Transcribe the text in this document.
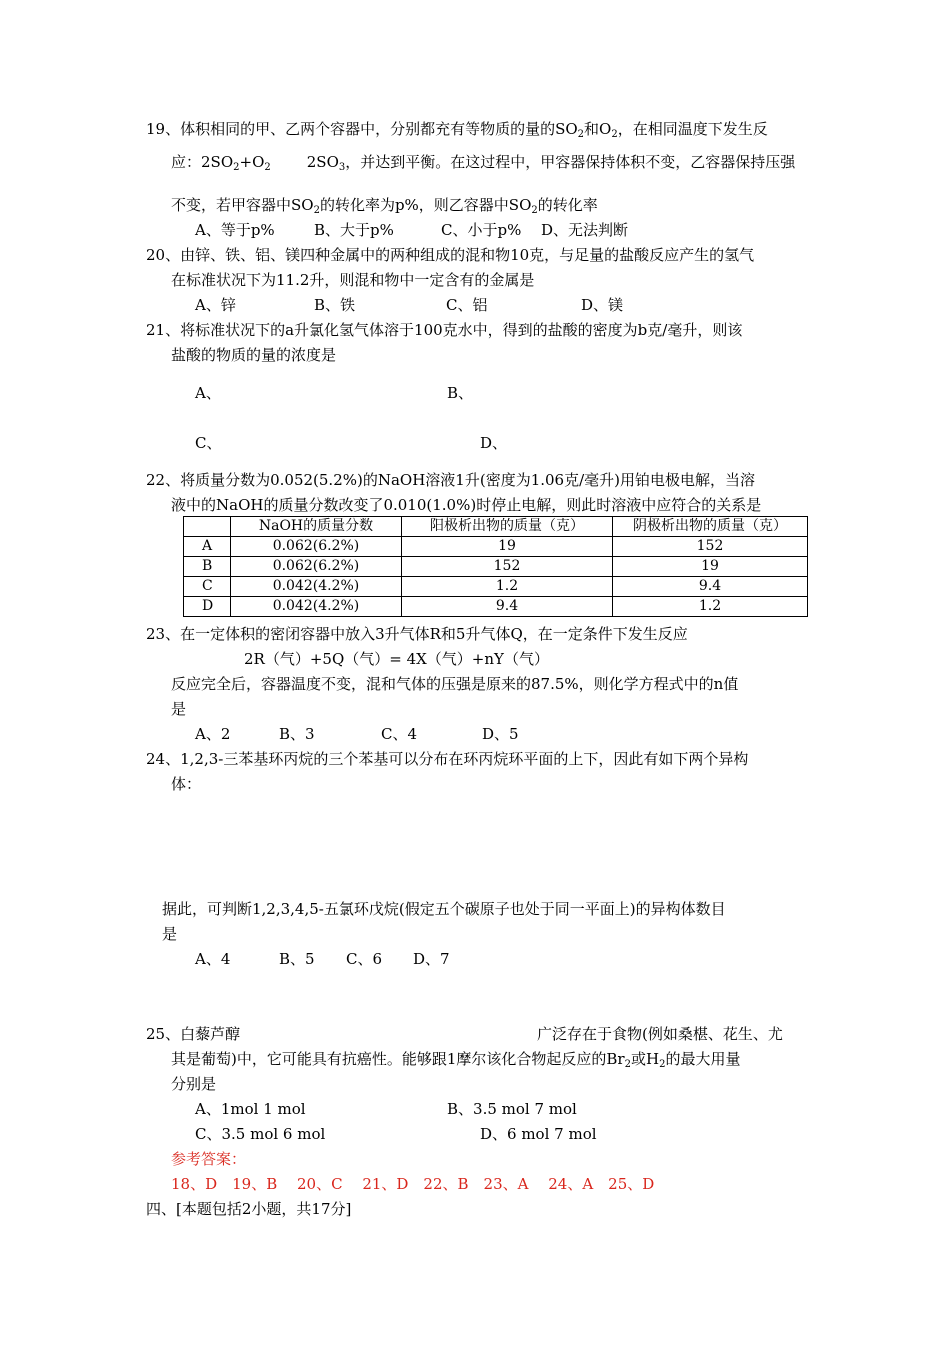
19、体积相同的甲、乙两个容器中，分别都充有等物质的量的$SO_2$和$O_2$，在相同温度下发生反
应：$2SO_2+O_2$ $2SO_3$，并达到平衡。在这过程中，甲容器保持体积不变，乙容器保持压强
不变，若甲容器中$SO_2$的转化率为p%，则乙容器中$SO_2$的转化率
A、等于p%	B、大于p%	C、小于p% D、无法判断
20、由锌、铁、铝、镁四种金属中的两种组成的混和物10克，与足量的盐酸反应产生的氢气
在标准状况下为11.2升，则混和物中一定含有的金属是
A、锌	B、铁	C、铝	D、镁
21、将标准状况下的a升氯化氢气体溶于100克水中，得到的盐酸的密度为b克/毫升，则该
盐酸的物质的量的浓度是
A、	B、
C、	D、
22、将质量分数为0.052(5.2%)的NaOH溶液1升(密度为1.06克/毫升)用铂电极电解，当溶
液中的NaOH的质量分数改变了0.010(1.0%)时停止电解，则此时溶液中应符合的关系是
	NaOH的质量分数	阳极析出物的质量（克）	阴极析出物的质量（克）
A	0.062(6.2%)	19	152
B	0.062(6.2%)	152	19
C	0.042(4.2%)	1.2	9.4
D	0.042(4.2%)	9.4	1.2
23、在一定体积的密闭容器中放入3升气体R和5升气体Q，在一定条件下发生反应
2R（气）+5Q（气）= 4X（气）+nY（气）
反应完全后，容器温度不变，混和气体的压强是原来的87.5%，则化学方程式中的n值
是
A、2	B、3	C、4	D、5
24、1,2,3-三苯基环丙烷的三个苯基可以分布在环丙烷环平面的上下，因此有如下两个异构
体：
据此，可判断1,2,3,4,5-五氯环戊烷(假定五个碳原子也处于同一平面上)的异构体数目
是
A、4	B、5 C、6 D、7
25、白藜芦醇	广泛存在于食物(例如桑椹、花生、尤
其是葡萄)中，它可能具有抗癌性。能够跟1摩尔该化合物起反应的$Br_2$或$H_2$的最大用量
分别是
A、1mol 1 mol	B、3.5 mol 7 mol
C、3.5 mol 6 mol	D、6 mol 7 mol
参考答案：
18、D　19、B　 20、C　 21、D　22、B　23、A　 24、A　25、D
四、[本题包括2小题，共17分]
